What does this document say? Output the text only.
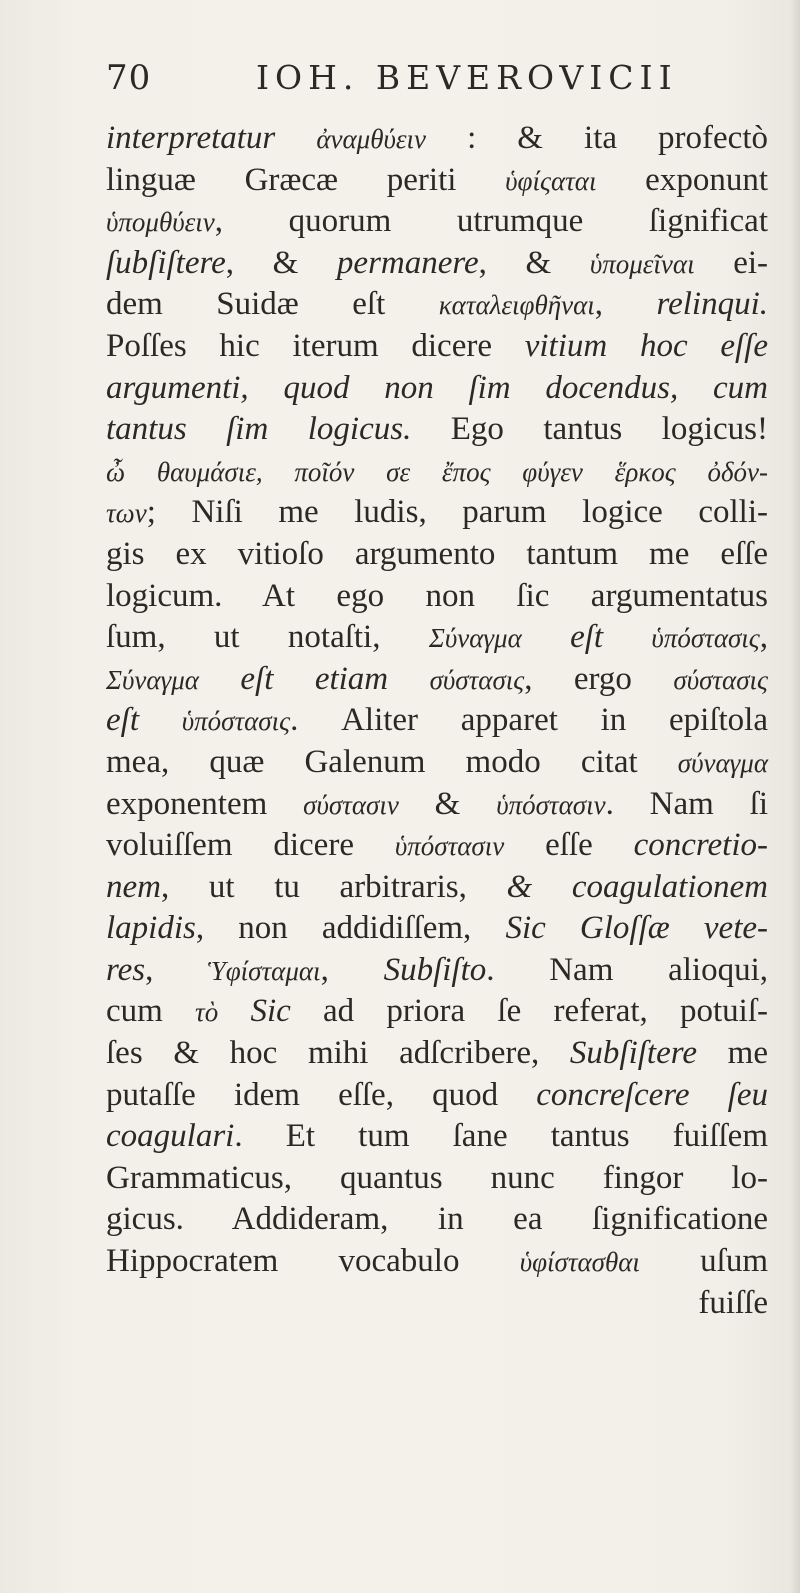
70	IOH. BEVEROVICII
interpretatur ἀναμθύειν : & ita profectò
linguæ Græcæ periti ὑφίςαται exponunt
ὑπομθύειν, quorum utrumque ſignificat
ſubſiſtere, & permanere, & ὑπομεῖναι ei-
dem Suidæ eſt καταλειφθῆναι, relinqui.
Poſſes hic iterum dicere vitium hoc eſſe
argumenti, quod non ſim docendus, cum
tantus ſim logicus. Ego tantus logicus!
ὦ θαυμάσιε, ποῖόν σε ἔπος φύγεν ἕρκος ὀδόν-
των; Niſi me ludis, parum logice colli-
gis ex vitioſo argumento tantum me eſſe
logicum. At ego non ſic argumentatus
ſum, ut notaſti, Σύναγμα eſt ὑπόστασις,
Σύναγμα eſt etiam σύστασις, ergo σύστασις
eſt ὑπόστασις. Aliter apparet in epiſtola
mea, quæ Galenum modo citat σύναγμα
exponentem σύστασιν & ὑπόστασιν. Nam ſi
voluiſſem dicere ὑπόστασιν eſſe concretio-
nem, ut tu arbitraris, & coagulationem
lapidis, non addidiſſem, Sic Gloſſæ vete-
res, Ὑφίσταμαι, Subſiſto. Nam alioqui,
cum τὸ Sic ad priora ſe referat, potuiſ-
ſes & hoc mihi adſcribere, Subſiſtere me
putaſſe idem eſſe, quod concreſcere ſeu
coagulari. Et tum ſane tantus fuiſſem
Grammaticus, quantus nunc fingor lo-
gicus. Addideram, in ea ſignificatione
Hippocratem vocabulo ὑφίστασθαι uſum
fuiſſe
